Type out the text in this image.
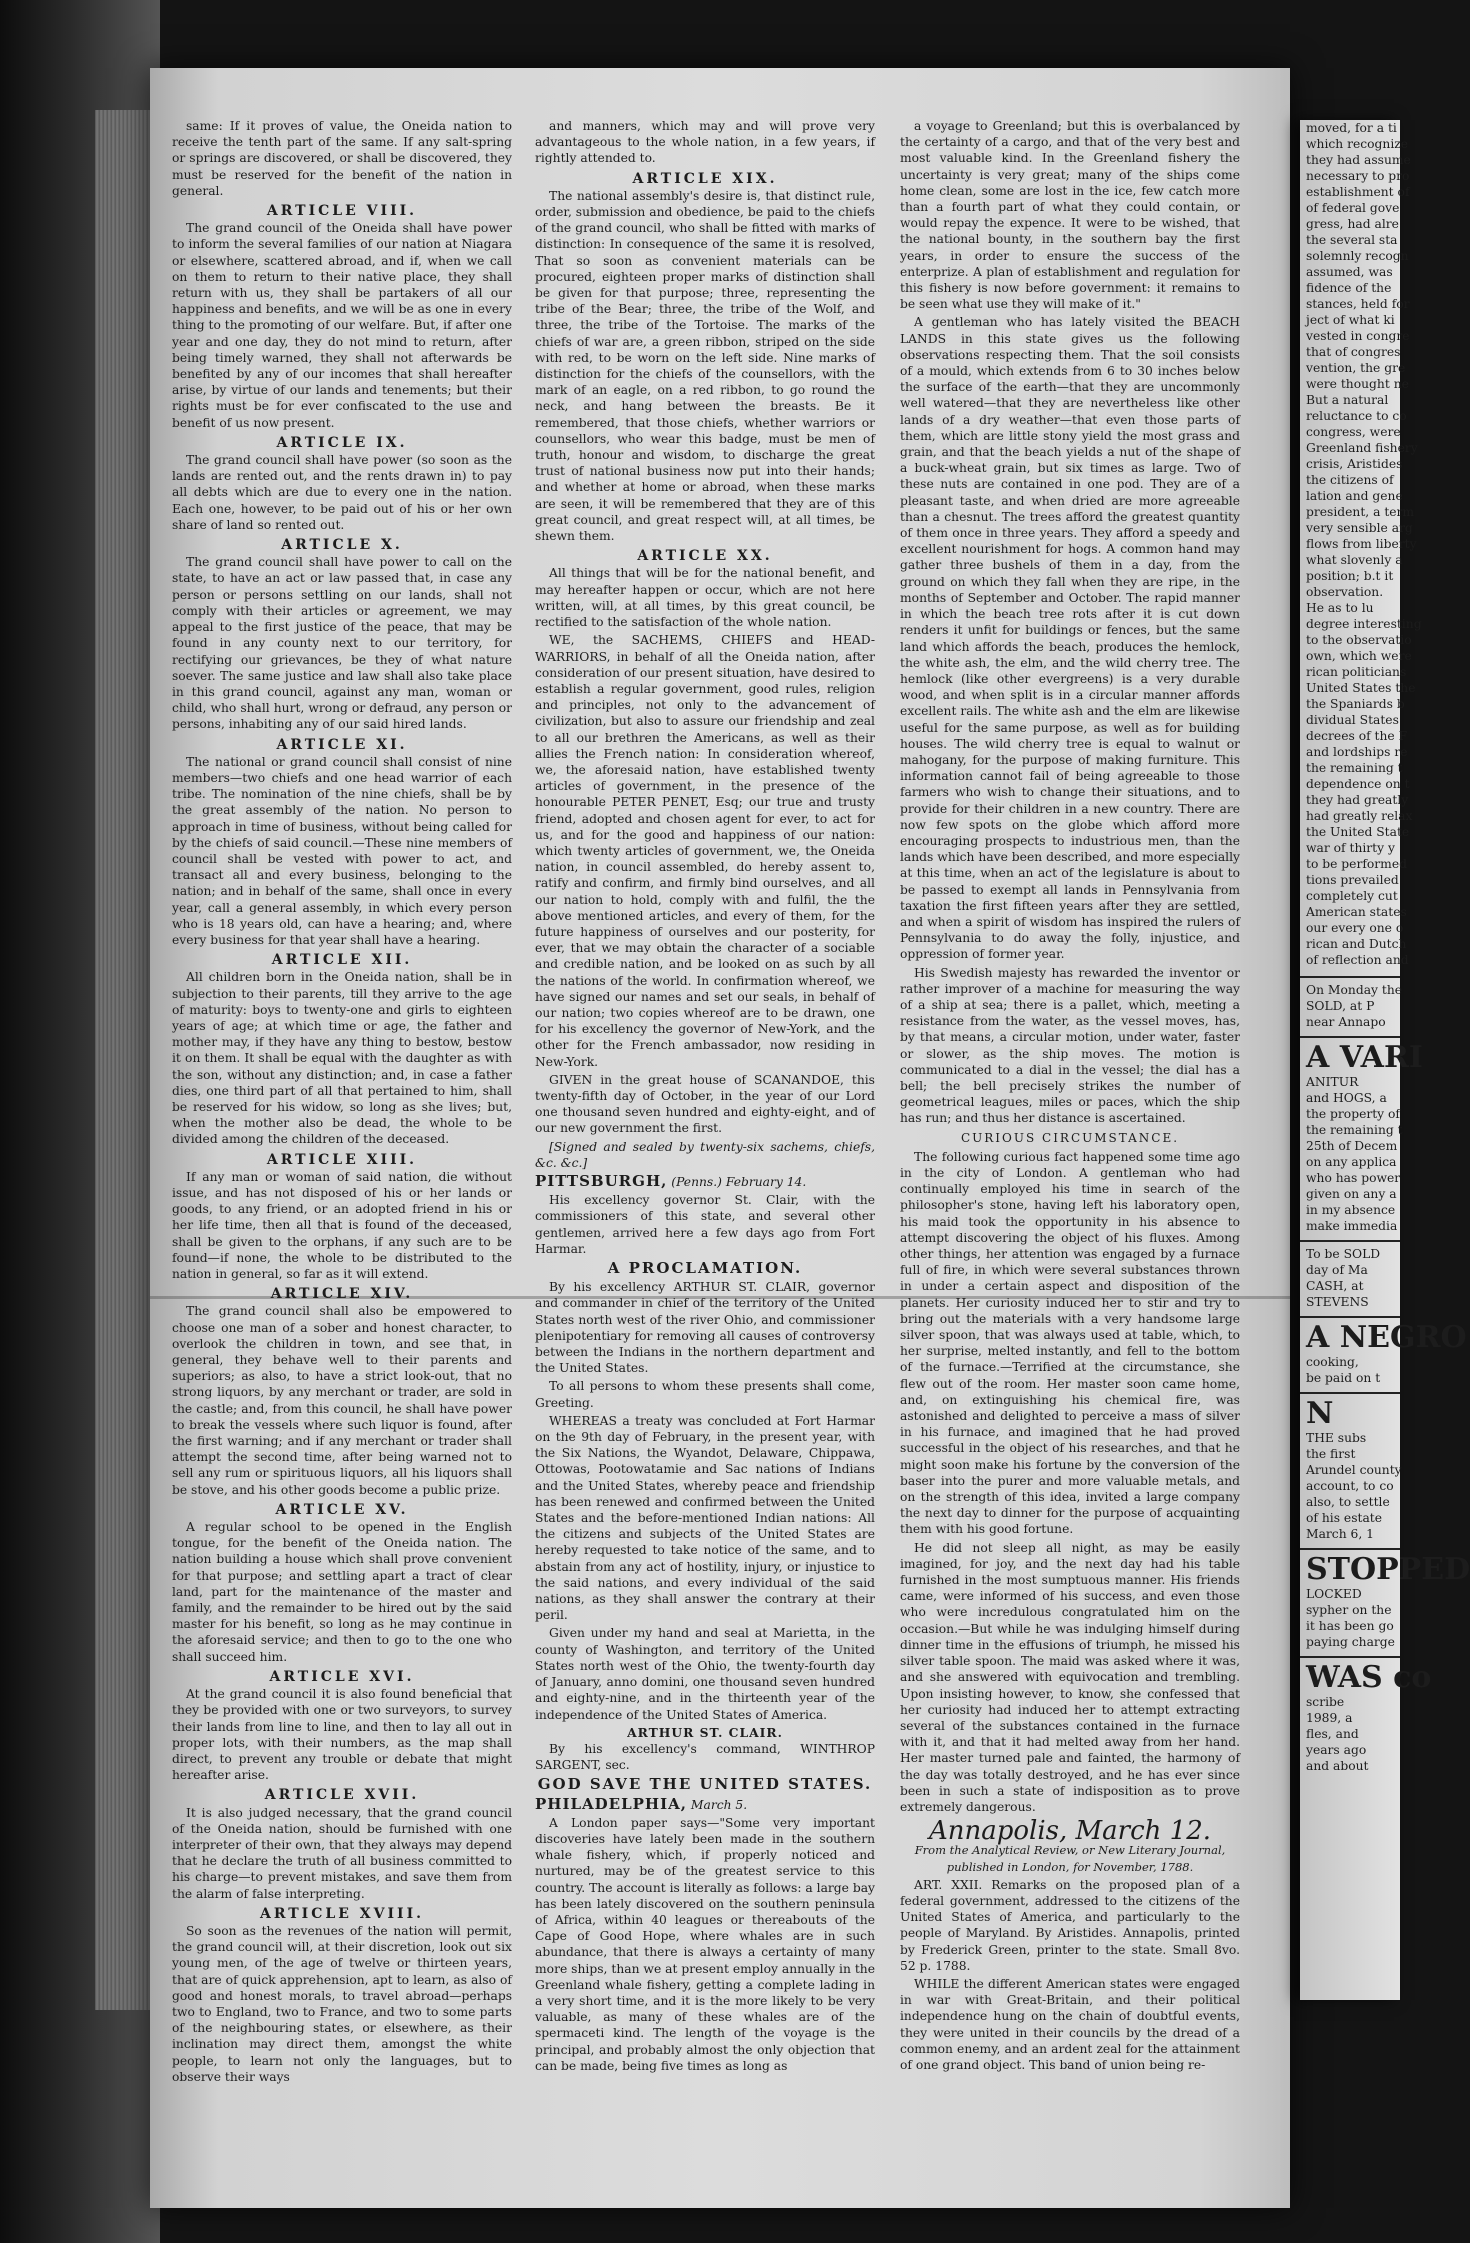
same: If it proves of value, the Oneida nation to receive the tenth part of the same. If any salt-spring or springs are discovered, or shall be discovered, they must be reserved for the benefit of the nation in general.

ARTICLE VIII.

The grand council of the Oneida shall have power to inform the several families of our nation at Niagara or elsewhere, scattered abroad, and if, when we call on them to return to their native place, they shall return with us, they shall be partakers of all our happiness and benefits, and we will be as one in every thing to the promoting of our welfare. But, if after one year and one day, they do not mind to return, after being timely warned, they shall not afterwards be benefited by any of our incomes that shall hereafter arise, by virtue of our lands and tenements; but their rights must be for ever confiscated to the use and benefit of us now present.

ARTICLE IX.

The grand council shall have power (so soon as the lands are rented out, and the rents drawn in) to pay all debts which are due to every one in the nation. Each one, however, to be paid out of his or her own share of land so rented out.

ARTICLE X.

The grand council shall have power to call on the state, to have an act or law passed that, in case any person or persons settling on our lands, shall not comply with their articles or agreement, we may appeal to the first justice of the peace, that may be found in any county next to our territory, for rectifying our grievances, be they of what nature soever. The same justice and law shall also take place in this grand council, against any man, woman or child, who shall hurt, wrong or defraud, any person or persons, inhabiting any of our said hired lands.

ARTICLE XI.

The national or grand council shall consist of nine members—two chiefs and one head warrior of each tribe. The nomination of the nine chiefs, shall be by the great assembly of the nation. No person to approach in time of business, without being called for by the chiefs of said council.—These nine members of council shall be vested with power to act, and transact all and every business, belonging to the nation; and in behalf of the same, shall once in every year, call a general assembly, in which every person who is 18 years old, can have a hearing; and, where every business for that year shall have a hearing.

ARTICLE XII.

All children born in the Oneida nation, shall be in subjection to their parents, till they arrive to the age of maturity: boys to twenty-one and girls to eighteen years of age; at which time or age, the father and mother may, if they have any thing to bestow, bestow it on them. It shall be equal with the daughter as with the son, without any distinction; and, in case a father dies, one third part of all that pertained to him, shall be reserved for his widow, so long as she lives; but, when the mother also be dead, the whole to be divided among the children of the deceased.

ARTICLE XIII.

If any man or woman of said nation, die without issue, and has not disposed of his or her lands or goods, to any friend, or an adopted friend in his or her life time, then all that is found of the deceased, shall be given to the orphans, if any such are to be found—if none, the whole to be distributed to the nation in general, so far as it will extend.

ARTICLE XIV.

The grand council shall also be empowered to choose one man of a sober and honest character, to overlook the children in town, and see that, in general, they behave well to their parents and superiors; as also, to have a strict look-out, that no strong liquors, by any merchant or trader, are sold in the castle; and, from this council, he shall have power to break the vessels where such liquor is found, after the first warning; and if any merchant or trader shall attempt the second time, after being warned not to sell any rum or spirituous liquors, all his liquors shall be stove, and his other goods become a public prize.

ARTICLE XV.

A regular school to be opened in the English tongue, for the benefit of the Oneida nation. The nation building a house which shall prove convenient for that purpose; and settling apart a tract of clear land, part for the maintenance of the master and family, and the remainder to be hired out by the said master for his benefit, so long as he may continue in the aforesaid service; and then to go to the one who shall succeed him.

ARTICLE XVI.

At the grand council it is also found beneficial that they be provided with one or two surveyors, to survey their lands from line to line, and then to lay all out in proper lots, with their numbers, as the map shall direct, to prevent any trouble or debate that might hereafter arise.

ARTICLE XVII.

It is also judged necessary, that the grand council of the Oneida nation, should be furnished with one interpreter of their own, that they always may depend that he declare the truth of all business committed to his charge—to prevent mistakes, and save them from the alarm of false interpreting.

ARTICLE XVIII.

So soon as the revenues of the nation will permit, the grand council will, at their discretion, look out six young men, of the age of twelve or thirteen years, that are of quick apprehension, apt to learn, as also of good and honest morals, to travel abroad—perhaps two to England, two to France, and two to some parts of the neighbouring states, or elsewhere, as their inclination may direct them, amongst the white people, to learn not only the languages, but to observe their ways

and manners, which may and will prove very advantageous to the whole nation, in a few years, if rightly attended to.

ARTICLE XIX.

The national assembly's desire is, that distinct rule, order, submission and obedience, be paid to the chiefs of the grand council, who shall be fitted with marks of distinction: In consequence of the same it is resolved, That so soon as convenient materials can be procured, eighteen proper marks of distinction shall be given for that purpose; three, representing the tribe of the Bear; three, the tribe of the Wolf, and three, the tribe of the Tortoise. The marks of the chiefs of war are, a green ribbon, striped on the side with red, to be worn on the left side. Nine marks of distinction for the chiefs of the counsellors, with the mark of an eagle, on a red ribbon, to go round the neck, and hang between the breasts. Be it remembered, that those chiefs, whether warriors or counsellors, who wear this badge, must be men of truth, honour and wisdom, to discharge the great trust of national business now put into their hands; and whether at home or abroad, when these marks are seen, it will be remembered that they are of this great council, and great respect will, at all times, be shewn them.

ARTICLE XX.

All things that will be for the national benefit, and may hereafter happen or occur, which are not here written, will, at all times, by this great council, be rectified to the satisfaction of the whole nation.

WE, the SACHEMS, CHIEFS and HEAD-WARRIORS, in behalf of all the Oneida nation, after consideration of our present situation, have desired to establish a regular government, good rules, religion and principles, not only to the advancement of civilization, but also to assure our friendship and zeal to all our brethren the Americans, as well as their allies the French nation: In consideration whereof, we, the aforesaid nation, have established twenty articles of government, in the presence of the honourable PETER PENET, Esq; our true and trusty friend, adopted and chosen agent for ever, to act for us, and for the good and happiness of our nation: which twenty articles of government, we, the Oneida nation, in council assembled, do hereby assent to, ratify and confirm, and firmly bind ourselves, and all our nation to hold, comply with and fulfil, the the above mentioned articles, and every of them, for the future happiness of ourselves and our posterity, for ever, that we may obtain the character of a sociable and credible nation, and be looked on as such by all the nations of the world. In confirmation whereof, we have signed our names and set our seals, in behalf of our nation; two copies whereof are to be drawn, one for his excellency the governor of New-York, and the other for the French ambassador, now residing in New-York.

GIVEN in the great house of SCANANDOE, this twenty-fifth day of October, in the year of our Lord one thousand seven hundred and eighty-eight, and of our new government the first.

[Signed and sealed by twenty-six sachems, chiefs, &c. &c.]

PITTSBURGH, (Penns.) February 14.

His excellency governor St. Clair, with the commissioners of this state, and several other gentlemen, arrived here a few days ago from Fort Harmar.

A PROCLAMATION.

By his excellency ARTHUR ST. CLAIR, governor and commander in chief of the territory of the United States north west of the river Ohio, and commissioner plenipotentiary for removing all causes of controversy between the Indians in the northern department and the United States.

To all persons to whom these presents shall come, Greeting.

WHEREAS a treaty was concluded at Fort Harmar on the 9th day of February, in the present year, with the Six Nations, the Wyandot, Delaware, Chippawa, Ottowas, Pootowatamie and Sac nations of Indians and the United States, whereby peace and friendship has been renewed and confirmed between the United States and the before-mentioned Indian nations: All the citizens and subjects of the United States are hereby requested to take notice of the same, and to abstain from any act of hostility, injury, or injustice to the said nations, and every individual of the said nations, as they shall answer the contrary at their peril.

Given under my hand and seal at Marietta, in the county of Washington, and territory of the United States north west of the Ohio, the twenty-fourth day of January, anno domini, one thousand seven hundred and eighty-nine, and in the thirteenth year of the independence of the United States of America.

ARTHUR ST. CLAIR.

By his excellency's command, WINTHROP SARGENT, sec.

GOD SAVE THE UNITED STATES.

PHILADELPHIA, March 5.

A London paper says—"Some very important discoveries have lately been made in the southern whale fishery, which, if properly noticed and nurtured, may be of the greatest service to this country. The account is literally as follows: a large bay has been lately discovered on the southern peninsula of Africa, within 40 leagues or thereabouts of the Cape of Good Hope, where whales are in such abundance, that there is always a certainty of many more ships, than we at present employ annually in the Greenland whale fishery, getting a complete lading in a very short time, and it is the more likely to be very valuable, as many of these whales are of the spermaceti kind. The length of the voyage is the principal, and probably almost the only objection that can be made, being five times as long as

a voyage to Greenland; but this is overbalanced by the certainty of a cargo, and that of the very best and most valuable kind. In the Greenland fishery the uncertainty is very great; many of the ships come home clean, some are lost in the ice, few catch more than a fourth part of what they could contain, or would repay the expence. It were to be wished, that the national bounty, in the southern bay the first years, in order to ensure the success of the enterprize. A plan of establishment and regulation for this fishery is now before government: it remains to be seen what use they will make of it."

A gentleman who has lately visited the BEACH LANDS in this state gives us the following observations respecting them. That the soil consists of a mould, which extends from 6 to 30 inches below the surface of the earth—that they are uncommonly well watered—that they are nevertheless like other lands of a dry weather—that even those parts of them, which are little stony yield the most grass and grain, and that the beach yields a nut of the shape of a buck-wheat grain, but six times as large. Two of these nuts are contained in one pod. They are of a pleasant taste, and when dried are more agreeable than a chesnut. The trees afford the greatest quantity of them once in three years. They afford a speedy and excellent nourishment for hogs. A common hand may gather three bushels of them in a day, from the ground on which they fall when they are ripe, in the months of September and October. The rapid manner in which the beach tree rots after it is cut down renders it unfit for buildings or fences, but the same land which affords the beach, produces the hemlock, the white ash, the elm, and the wild cherry tree. The hemlock (like other evergreens) is a very durable wood, and when split is in a circular manner affords excellent rails. The white ash and the elm are likewise useful for the same purpose, as well as for building houses. The wild cherry tree is equal to walnut or mahogany, for the purpose of making furniture. This information cannot fail of being agreeable to those farmers who wish to change their situations, and to provide for their children in a new country. There are now few spots on the globe which afford more encouraging prospects to industrious men, than the lands which have been described, and more especially at this time, when an act of the legislature is about to be passed to exempt all lands in Pennsylvania from taxation the first fifteen years after they are settled, and when a spirit of wisdom has inspired the rulers of Pennsylvania to do away the folly, injustice, and oppression of former year.

His Swedish majesty has rewarded the inventor or rather improver of a machine for measuring the way of a ship at sea; there is a pallet, which, meeting a resistance from the water, as the vessel moves, has, by that means, a circular motion, under water, faster or slower, as the ship moves. The motion is communicated to a dial in the vessel; the dial has a bell; the bell precisely strikes the number of geometrical leagues, miles or paces, which the ship has run; and thus her distance is ascertained.

CURIOUS CIRCUMSTANCE.

The following curious fact happened some time ago in the city of London. A gentleman who had continually employed his time in search of the philosopher's stone, having left his laboratory open, his maid took the opportunity in his absence to attempt discovering the object of his fluxes. Among other things, her attention was engaged by a furnace full of fire, in which were several substances thrown in under a certain aspect and disposition of the planets. Her curiosity induced her to stir and try to bring out the materials with a very handsome large silver spoon, that was always used at table, which, to her surprise, melted instantly, and fell to the bottom of the furnace.—Terrified at the circumstance, she flew out of the room. Her master soon came home, and, on extinguishing his chemical fire, was astonished and delighted to perceive a mass of silver in his furnace, and imagined that he had proved successful in the object of his researches, and that he might soon make his fortune by the conversion of the baser into the purer and more valuable metals, and on the strength of this idea, invited a large company the next day to dinner for the purpose of acquainting them with his good fortune.

He did not sleep all night, as may be easily imagined, for joy, and the next day had his table furnished in the most sumptuous manner. His friends came, were informed of his success, and even those who were incredulous congratulated him on the occasion.—But while he was indulging himself during dinner time in the effusions of triumph, he missed his silver table spoon. The maid was asked where it was, and she answered with equivocation and trembling. Upon insisting however, to know, she confessed that her curiosity had induced her to attempt extracting several of the substances contained in the furnace with it, and that it had melted away from her hand. Her master turned pale and fainted, the harmony of the day was totally destroyed, and he has ever since been in such a state of indisposition as to prove extremely dangerous.

Annapolis, March 12.

From the Analytical Review, or New Literary Journal, published in London, for November, 1788.

ART. XXII. Remarks on the proposed plan of a federal government, addressed to the citizens of the United States of America, and particularly to the people of Maryland. By Aristides. Annapolis, printed by Frederick Green, printer to the state. Small 8vo. 52 p. 1788.

WHILE the different American states were engaged in war with Great-Britain, and their political independence hung on the chain of doubtful events, they were united in their councils by the dread of a common enemy, and an ardent zeal for the attainment of one grand object. This band of union being re-

moved, for a ti
which recognize
they had assume
necessary to pro
establishment of
of federal gove
gress, had alre
the several sta
solemnly recogn
assumed, was
fidence of the
stances, held for
ject of what ki
vested in congre
that of congres
vention, the gre
were thought ne
But a natural
reluctance to co
congress, were
Greenland fishery
crisis, Aristides
the citizens of
lation and gene
president, a term
very sensible arg
flows from liberty
what slovenly a
position; b.t it
observation.
He as to lu
degree interesting
to the observatio
own, which were
rican politicians
United States the
the Spaniards b
dividual States
decrees of the F
and lordships re
the remaining t
dependence on t
they had greatly
had greatly relax
the United State
war of thirty y
to be performed
tions prevailed
completely cut
American states
our every one o
rican and Dutch
of reflection and
On Monday the
SOLD, at P
near Annapo
A VARI
ANITUR
and HOGS, a
the property of
the remaining t
25th of Decem
on any applica
who has power
given on any a
in my absence
make immedia
To be SOLD
day of Ma
CASH, at
STEVENS
A NEGRO
cooking,
be paid on t
N
THE subs
the first
Arundel county
account, to co
also, to settle
of his estate
March 6, 1
STOPPED
LOCKED
sypher on the
it has been go
paying charge
WAS co
scribe
1989, a
fles, and
years ago
and about
